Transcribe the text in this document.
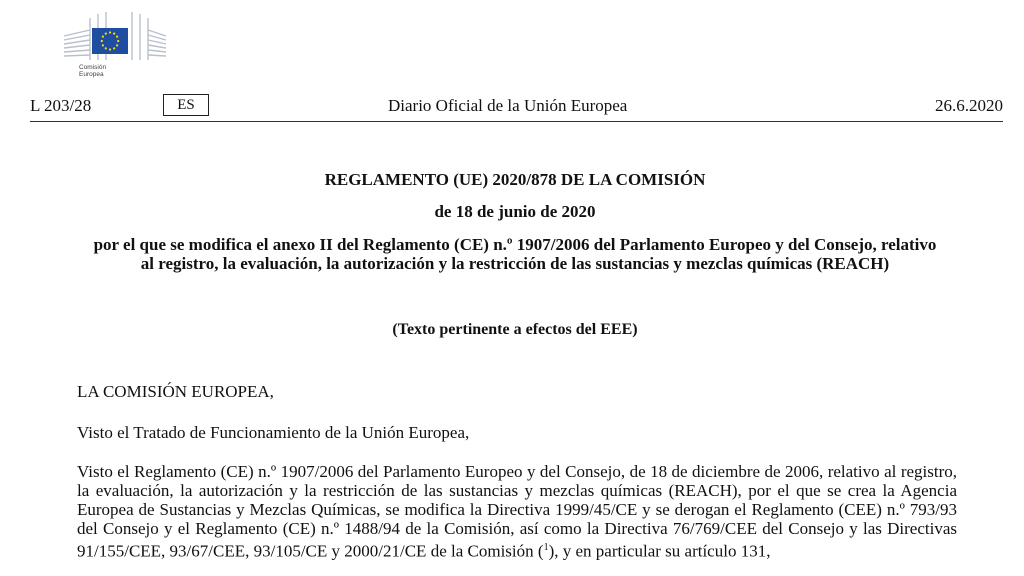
Comisión
Europea
L 203/28	ES	Diario Oficial de la Unión Europea	26.6.2020
REGLAMENTO (UE) 2020/878 DE LA COMISIÓN
de 18 de junio de 2020
por el que se modifica el anexo II del Reglamento (CE) n.º 1907/2006 del Parlamento Europeo y del Consejo, relativo al registro, la evaluación, la autorización y la restricción de las sustancias y mezclas químicas (REACH)
(Texto pertinente a efectos del EEE)
LA COMISIÓN EUROPEA,
Visto el Tratado de Funcionamiento de la Unión Europea,
Visto el Reglamento (CE) n.º 1907/2006 del Parlamento Europeo y del Consejo, de 18 de diciembre de 2006, relativo al registro, la evaluación, la autorización y la restricción de las sustancias y mezclas químicas (REACH), por el que se crea la Agencia Europea de Sustancias y Mezclas Químicas, se modifica la Directiva 1999/45/CE y se derogan el Reglamento (CEE) n.º 793/93 del Consejo y el Reglamento (CE) n.º 1488/94 de la Comisión, así como la Directiva 76/769/CEE del Consejo y las Directivas 91/155/CEE, 93/67/CEE, 93/105/CE y 2000/21/CE de la Comisión ($^1$), y en particular su artículo 131,
